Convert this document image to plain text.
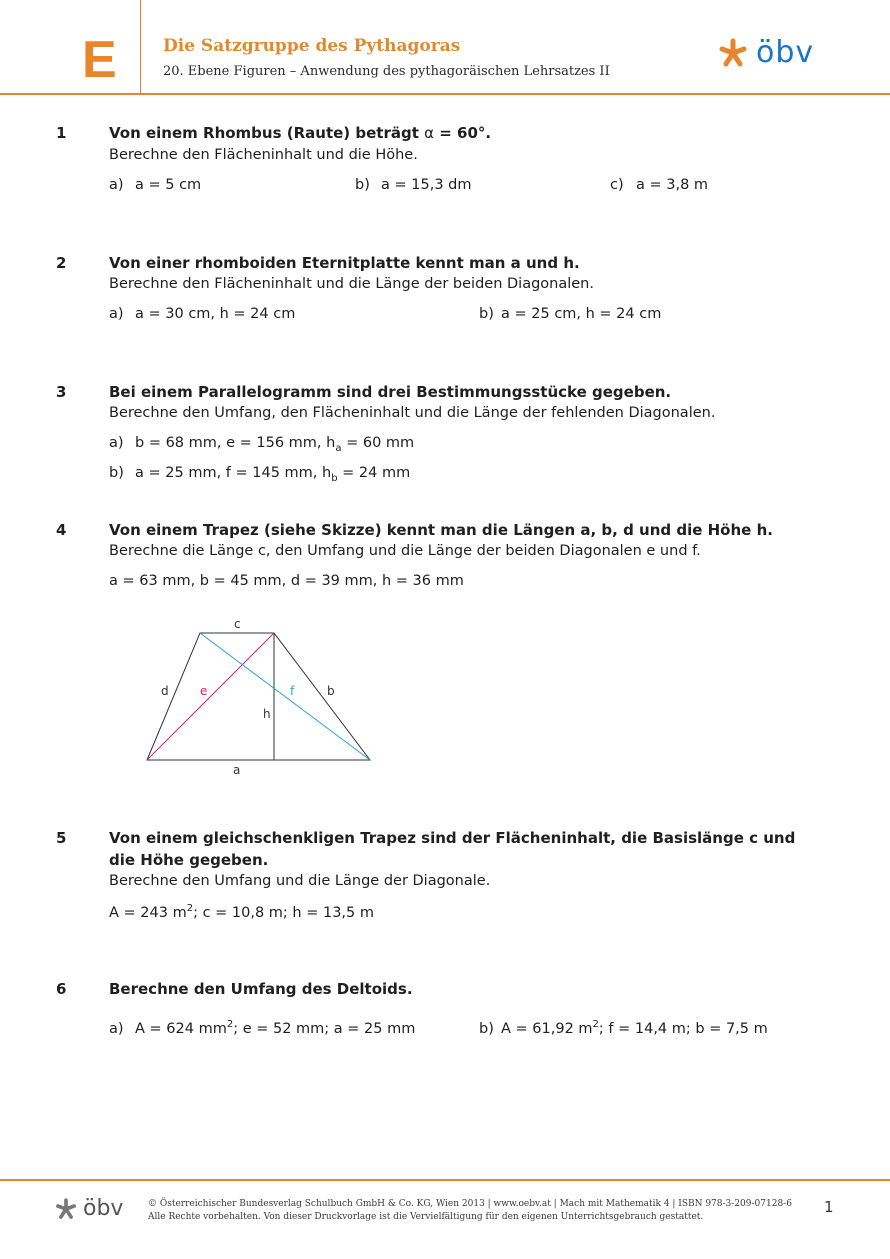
E	Die Satzgruppe des Pythagoras
20. Ebene Figuren – Anwendung des pythagoräischen Lehrsatzes II
öbv
1	Von einem Rhombus (Raute) beträgt α = 60°.
Berechne den Flächeninhalt und die Höhe.
a) a = 5 cm	b) a = 15,3 dm	c) a = 3,8 m
2	Von einer rhomboiden Eternitplatte kennt man a und h.
Berechne den Flächeninhalt und die Länge der beiden Diagonalen.
a) a = 30 cm, h = 24 cm	b) a = 25 cm, h = 24 cm
3	Bei einem Parallelogramm sind drei Bestimmungsstücke gegeben.
Berechne den Umfang, den Flächeninhalt und die Länge der fehlenden Diagonalen.
a) b = 68 mm, e = 156 mm, $h_a = 60$ mm
b) a = 25 mm, f = 145 mm, $h_b = 24$ mm
4	Von einem Trapez (siehe Skizze) kennt man die Längen a, b, d und die Höhe h.
Berechne die Länge c, den Umfang und die Länge der beiden Diagonalen e und f.
a = 63 mm, b = 45 mm, d = 39 mm, h = 36 mm
c
d	e	f	b
h
a
5	Von einem gleichschenkligen Trapez sind der Flächeninhalt, die Basislänge c und
die Höhe gegeben.
Berechne den Umfang und die Länge der Diagonale.
A = 243 $m^2$; c = 10,8 m; h = 13,5 m
6	Berechne den Umfang des Deltoids.
a) A = 624 $mm^2$; e = 52 mm; a = 25 mm	b) A = 61,92 $m^2$; f = 14,4 m; b = 7,5 m
öbv	© Österreichischer Bundesverlag Schulbuch GmbH & Co. KG, Wien 2013 | www.oebv.at | Mach mit Mathematik 4 | ISBN 978-3-209-07128-6
Alle Rechte vorbehalten. Von dieser Druckvorlage ist die Vervielfältigung für den eigenen Unterrichtsgebrauch gestattet.
1
